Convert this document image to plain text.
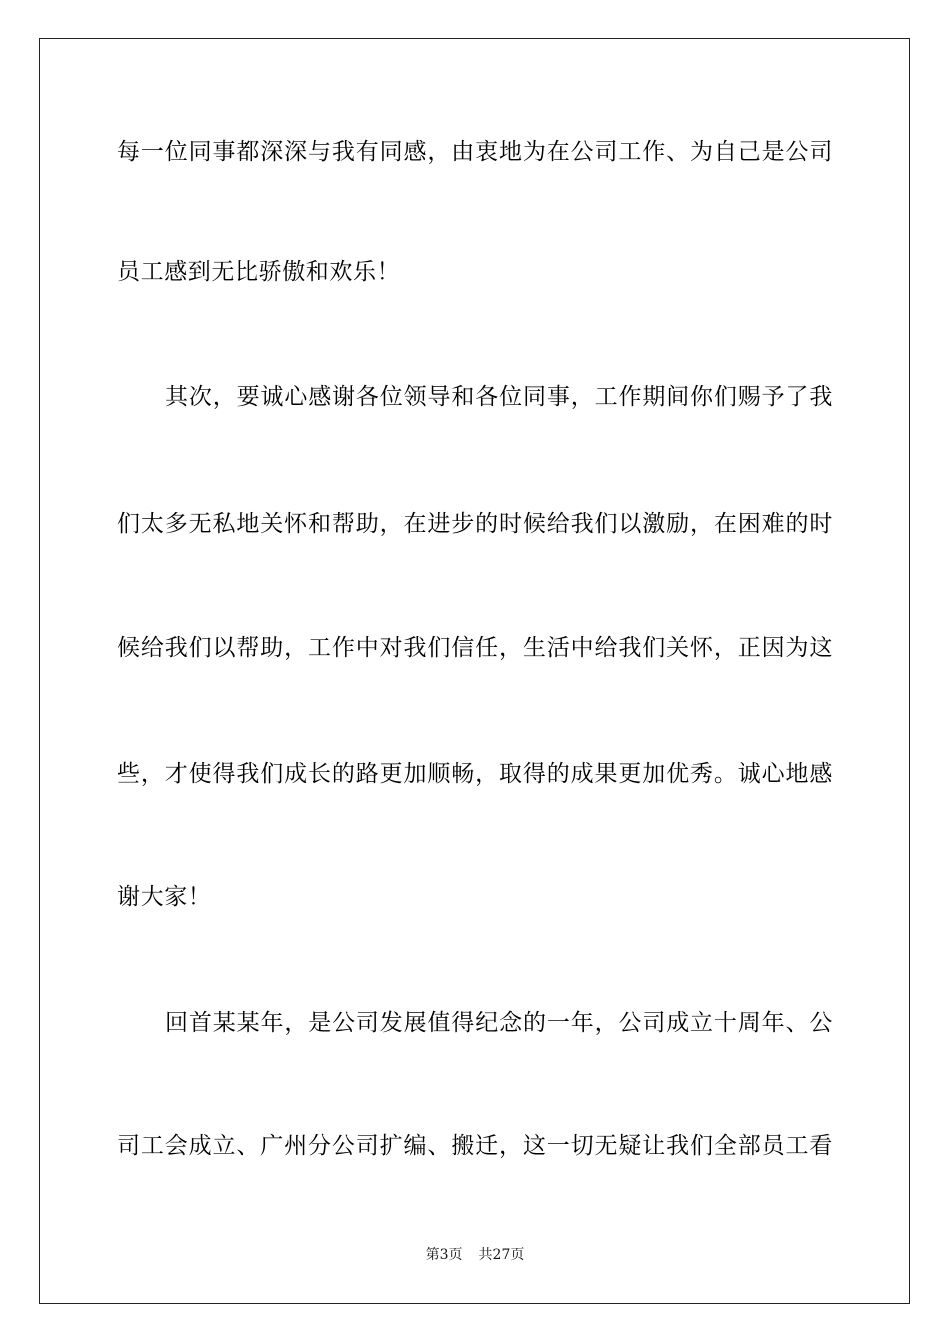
每一位同事都深深与我有同感，由衷地为在公司工作、为自己是公司
员工感到无比骄傲和欢乐！
其次，要诚心感谢各位领导和各位同事，工作期间你们赐予了我
们太多无私地关怀和帮助，在进步的时候给我们以激励，在困难的时
候给我们以帮助，工作中对我们信任，生活中给我们关怀，正因为这
些，才使得我们成长的路更加顺畅，取得的成果更加优秀。诚心地感
谢大家！
回首某某年，是公司发展值得纪念的一年，公司成立十周年、公
司工会成立、广州分公司扩编、搬迁，这一切无疑让我们全部员工看
第3页 共27页
